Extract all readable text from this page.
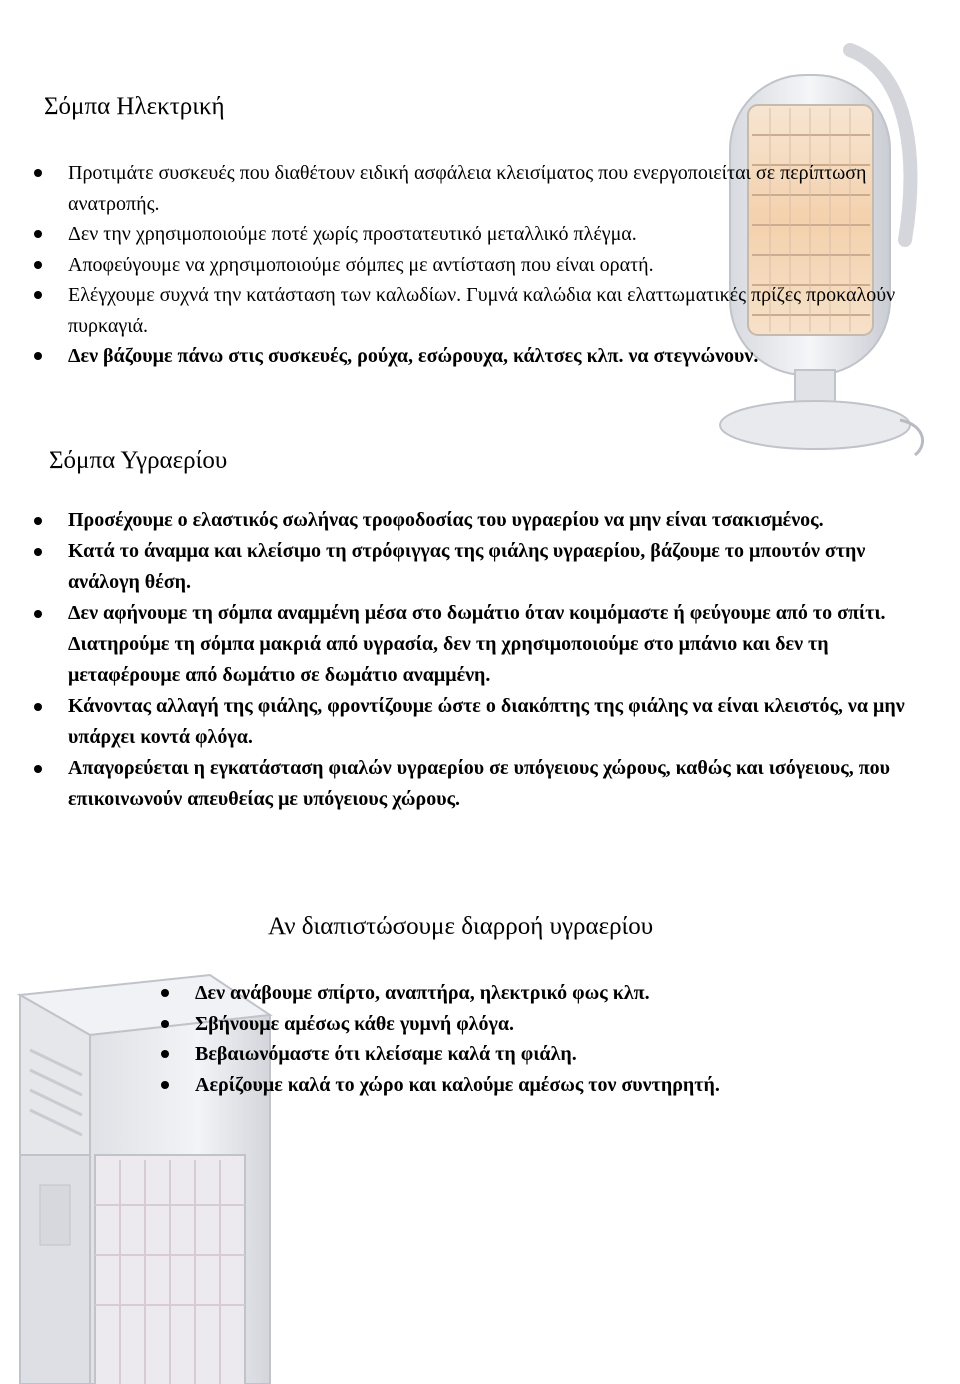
Σόμπα Ηλεκτρική
Προτιμάτε συσκευές που διαθέτουν ειδική ασφάλεια κλεισίματος που ενεργοποιείται σε περίπτωση ανατροπής.
Δεν την χρησιμοποιούμε ποτέ χωρίς προστατευτικό μεταλλικό πλέγμα.
Αποφεύγουμε να χρησιμοποιούμε σόμπες με αντίσταση που είναι ορατή.
Ελέγχουμε συχνά την κατάσταση των καλωδίων. Γυμνά καλώδια και ελαττωματικές πρίζες προκαλούν πυρκαγιά.
Δεν βάζουμε πάνω στις συσκευές, ρούχα, εσώρουχα, κάλτσες κλπ. να στεγνώνουν.
Σόμπα Υγραερίου
Προσέχουμε ο ελαστικός σωλήνας τροφοδοσίας του υγραερίου να μην είναι τσακισμένος.
Κατά το άναμμα και κλείσιμο τη στρόφιγγας της φιάλης υγραερίου, βάζουμε το μπουτόν στην ανάλογη θέση.
Δεν αφήνουμε τη σόμπα αναμμένη μέσα στο δωμάτιο όταν κοιμόμαστε ή φεύγουμε από το σπίτι. Διατηρούμε τη σόμπα μακριά από υγρασία, δεν τη χρησιμοποιούμε στο μπάνιο και δεν τη μεταφέρουμε από δωμάτιο σε δωμάτιο αναμμένη.
Κάνοντας αλλαγή της φιάλης, φροντίζουμε ώστε ο διακόπτης της φιάλης να είναι κλειστός, να μην υπάρχει κοντά φλόγα.
Απαγορεύεται η εγκατάσταση φιαλών υγραερίου σε υπόγειους χώρους, καθώς και ισόγειους, που επικοινωνούν απευθείας με υπόγειους χώρους.
Αν διαπιστώσουμε διαρροή υγραερίου
Δεν ανάβουμε σπίρτο, αναπτήρα, ηλεκτρικό φως κλπ.
Σβήνουμε αμέσως κάθε γυμνή φλόγα.
Βεβαιωνόμαστε ότι κλείσαμε καλά τη φιάλη.
Αερίζουμε καλά το χώρο και καλούμε αμέσως τον συντηρητή.
